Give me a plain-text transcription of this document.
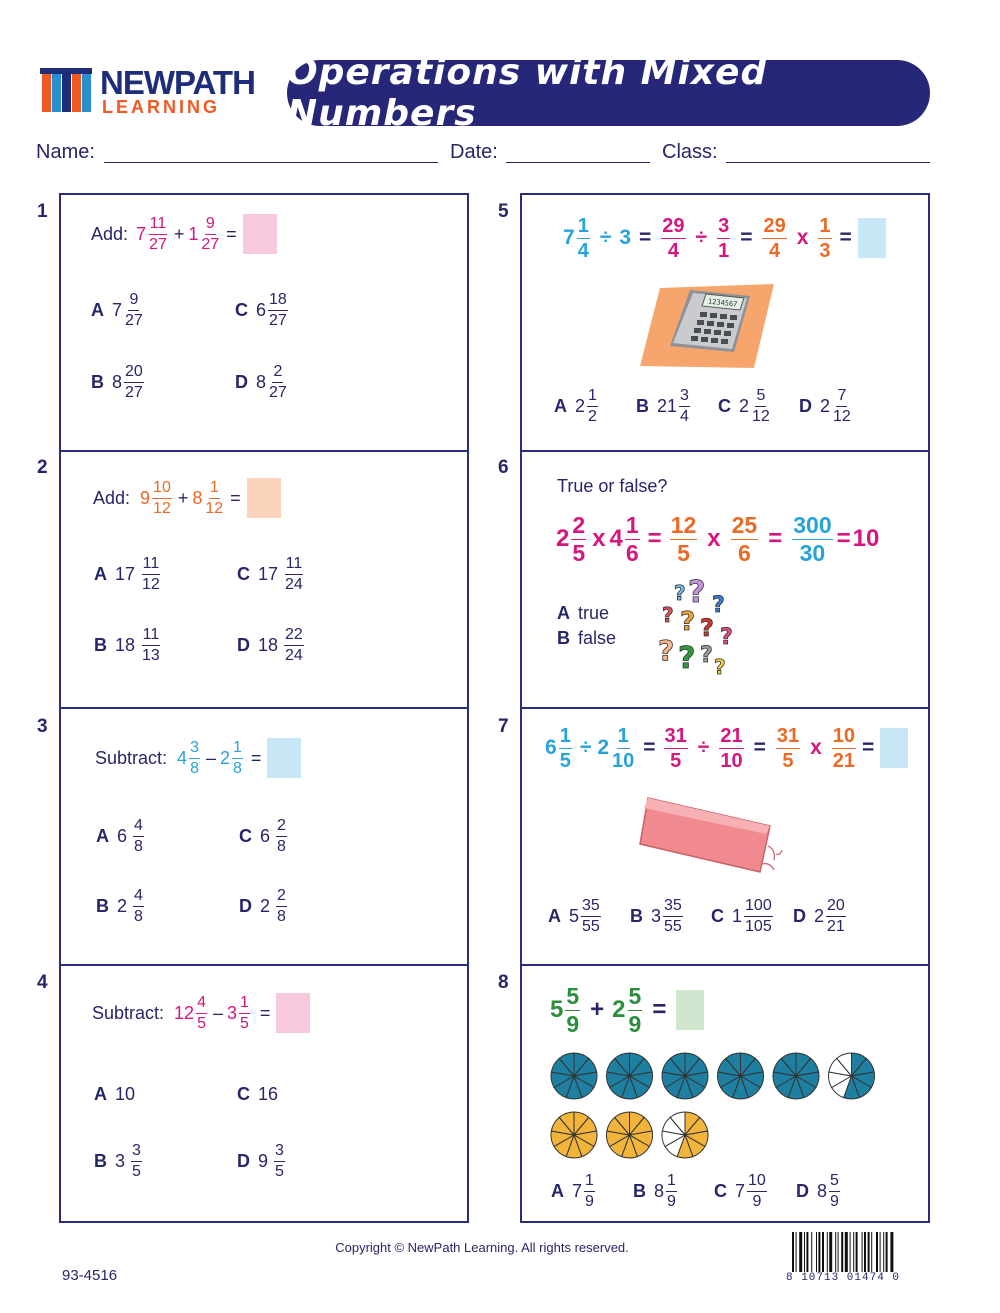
NEWPATH
LEARNING
Operations with Mixed Numbers
Name:	Date:	Class:
1
2
3
4
5
6
7
8
Add: $7 \frac{11}{27} + 1 \frac{9}{27}$ =
A $7 \frac{9}{27}$
B $8 \frac{20}{27}$
C $6 \frac{18}{27}$
D $8 \frac{2}{27}$
Add: $9 \frac{10}{12} + 8 \frac{1}{12}$ =
A $17 \frac{11}{12}$
B $18 \frac{11}{13}$
C $17 \frac{11}{24}$
D $18 \frac{22}{24}$
Subtract: $4 \frac{3}{8} - 2 \frac{1}{8}$ =
A $6 \frac{4}{8}$
B $2 \frac{4}{8}$
C $6 \frac{2}{8}$
D $2 \frac{2}{8}$
Subtract: $12 \frac{4}{5} - 3 \frac{1}{5}$ =
A 10
B $3 \frac{3}{5}$
C 16
D $9 \frac{3}{5}$
$7 \frac{1}{4} \div 3 = \frac{29}{4} \div \frac{3}{1} = \frac{29}{4}$ x $\frac{1}{3}$ =
1234567
A $2 \frac{1}{2}$ B $21 \frac{3}{4}$ C $2 \frac{5}{12}$ D $2 \frac{7}{12}$
True or false?
$2 \frac{2}{5}$ x $4 \frac{1}{6} = \frac{12}{5}$ x $\frac{25}{6} = \frac{300}{30} = 10$
A true
B false
? ? ?
? ? ? ?
? ? ? ?
$6 \frac{1}{5} \div 2 \frac{1}{10} = \frac{31}{5} \div \frac{21}{10} = \frac{31}{5}$ x $\frac{10}{21}$ =
A $5 \frac{35}{55}$ B $3 \frac{35}{55}$ C $1 \frac{100}{105}$ D $2 \frac{20}{21}$
$5 \frac{5}{9} + 2 \frac{5}{9}$ =
A $7 \frac{1}{9}$ B $8 \frac{1}{9}$ C $7 \frac{10}{9}$ D $8 \frac{5}{9}$
Copyright © NewPath Learning. All rights reserved.
93-4516	8 10713 01474 0
